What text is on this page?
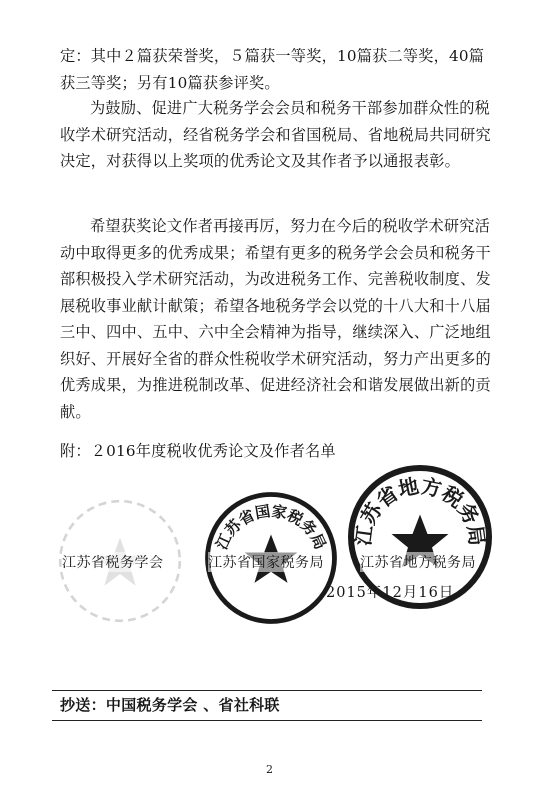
定：其中２篇获荣誉奖，５篇获一等奖，10篇获二等奖，40篇
获三等奖；另有10篇获参评奖。
为鼓励、促进广大税务学会会员和税务干部参加群众性的税
收学术研究活动，经省税务学会和省国税局、省地税局共同研究
决定，对获得以上奖项的优秀论文及其作者予以通报表彰。
希望获奖论文作者再接再厉，努力在今后的税收学术研究活
动中取得更多的优秀成果；希望有更多的税务学会会员和税务干
部积极投入学术研究活动，为改进税务工作、完善税收制度、发
展税收事业献计献策；希望各地税务学会以党的十八大和十八届
三中、四中、五中、六中全会精神为指导，继续深入、广泛地组
织好、开展好全省的群众性税收学术研究活动，努力产出更多的
优秀成果，为推进税制改革、促进经济社会和谐发展做出新的贡
献。
附：２016年度税收优秀论文及作者名单
江苏省国家税务局 江苏省地方税务局
江苏省税务学会	江苏省国家税务局	江苏省地方税务局
2015年12月16日
抄送：中国税务学会 、省社科联
2
